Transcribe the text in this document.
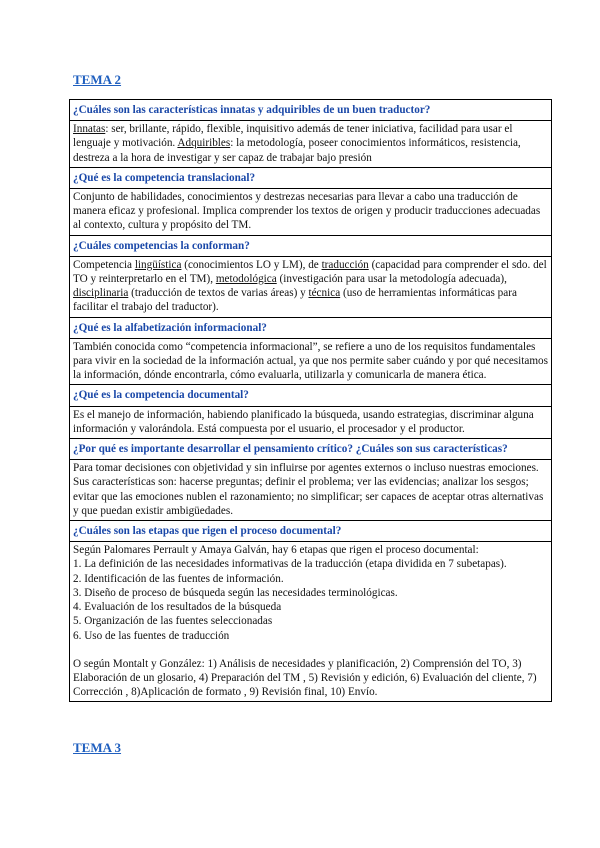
TEMA 2
¿Cuáles son las características innatas y adquiribles de un buen traductor?
Innatas: ser, brillante, rápido, flexible, inquisitivo además de tener iniciativa, facilidad para usar el lenguaje y motivación. Adquiribles: la metodología, poseer conocimientos informáticos, resistencia, destreza a la hora de investigar y ser capaz de trabajar bajo presión
¿Qué es la competencia translacional?
Conjunto de habilidades, conocimientos y destrezas necesarias para llevar a cabo una traducción de manera eficaz y profesional. Implica comprender los textos de origen y producir traducciones adecuadas al contexto, cultura y propósito del TM.
¿Cuáles competencias la conforman?
Competencia lingüística (conocimientos LO y LM), de traducción (capacidad para comprender el sdo. del TO y reinterpretarlo en el TM), metodológica (investigación para usar la metodología adecuada), disciplinaria (traducción de textos de varias áreas) y técnica (uso de herramientas informáticas para facilitar el trabajo del traductor).
¿Qué es la alfabetización informacional?
También conocida como “competencia informacional”, se refiere a uno de los requisitos fundamentales para vivir en la sociedad de la información actual, ya que nos permite saber cuándo y por qué necesitamos la información, dónde encontrarla, cómo evaluarla, utilizarla y comunicarla de manera ética.
¿Qué es la competencia documental?
Es el manejo de información, habiendo planificado la búsqueda, usando estrategias, discriminar alguna información y valorándola. Está compuesta por el usuario, el procesador y el productor.
¿Por qué es importante desarrollar el pensamiento crítico? ¿Cuáles son sus características?
Para tomar decisiones con objetividad y sin influirse por agentes externos o incluso nuestras emociones. Sus características son: hacerse preguntas; definir el problema; ver las evidencias; analizar los sesgos; evitar que las emociones nublen el razonamiento; no simplificar; ser capaces de aceptar otras alternativas y que puedan existir ambigüedades.
¿Cuáles son las etapas que rigen el proceso documental?

Según Palomares Perrault y Amaya Galván, hay 6 etapas que rigen el proceso documental:

1. La definición de las necesidades informativas de la traducción (etapa dividida en 7 subetapas).

2. Identificación de las fuentes de información.

3. Diseño de proceso de búsqueda según las necesidades terminológicas.

4. Evaluación de los resultados de la búsqueda

5. Organización de las fuentes seleccionadas

6. Uso de las fuentes de traducción

O según Montalt y González: 1) Análisis de necesidades y planificación, 2) Comprensión del TO, 3) Elaboración de un glosario, 4) Preparación del TM , 5) Revisión y edición, 6) Evaluación del cliente, 7) Corrección , 8)Aplicación de formato , 9) Revisión final, 10) Envío.

TEMA 3
